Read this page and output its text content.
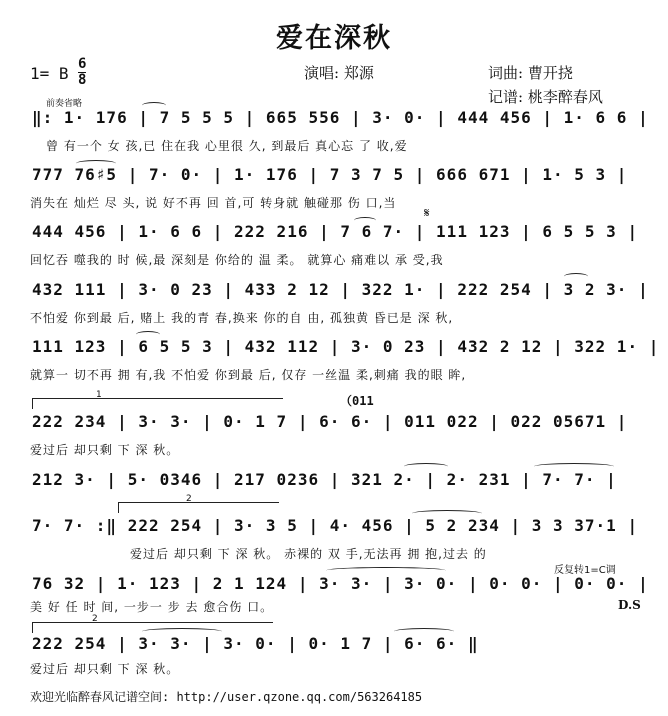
爱在深秋
1= B $\frac{6}{8}$	演唱: 郑源	词曲: 曹开挠
记谱: 桃李醉春风
前奏省略
‖: 1· 176 | 7 5 5 5 | 665 556 | 3· 0· | 444 456 | 1· 6 6 |
曾 有一个 女 孩,已 住在我 心里很 久, 到最后 真心忘 了 收,爱
777 76♯5 | 7· 0· | 1· 176 | 7 3 7 5 | 666 671 | 1· 5 3 |
消失在 灿烂 尽 头, 说 好不再 回 首,可 转身就 触碰那 伤 口,当
444 456 | 1· 6 6 | 222 216 | 7 6 7· | 111 123 | 6 5 5 3 |
回忆吞 噬我的 时 候,最 深刻是 你给的 温 柔。 就算心 痛难以 承 受,我
𝄋
432 111 | 3· 0 23 | 433 2 12 | 322 1· | 222 254 | 3 2 3· |
不怕爱 你到最 后, 赌上 我的青 春,换来 你的自 由, 孤独黄 昏已是 深 秋,
111 123 | 6 5 5 3 | 432 112 | 3· 0 23 | 432 2 12 | 322 1· |
就算一 切不再 拥 有,我 不怕爱 你到最 后, 仅存 一丝温 柔,刺痛 我的眼 眸,
1	（011
222 234 | 3· 3· | 0· 1 7 | 6· 6· | 011 022 | 022 05671 |
爱过后 却只剩 下 深 秋。
212 3· | 5· 0346 | 217 0236 | 321 2· | 2· 231 | 7· 7· |
2
7· 7· :‖ 222 254 | 3· 3 5 | 4· 456 | 5 2 234 | 3 3 37·1 |
爱过后 却只剩 下 深 秋。 赤裸的 双 手,无法再 拥 抱,过去 的
反复转1=C调
76 32 | 1· 123 | 2 1 124 | 3· 3· | 3· 0· | 0· 0· | 0· 0· |
美 好 任 时 间, 一步一 步 去 愈合伤 口。	D.S
2
222 254 | 3· 3· | 3· 0· | 0· 1 7 | 6· 6· ‖
爱过后 却只剩 下 深 秋。
欢迎光临醉春风记谱空间: http://user.qzone.qq.com/563264185
